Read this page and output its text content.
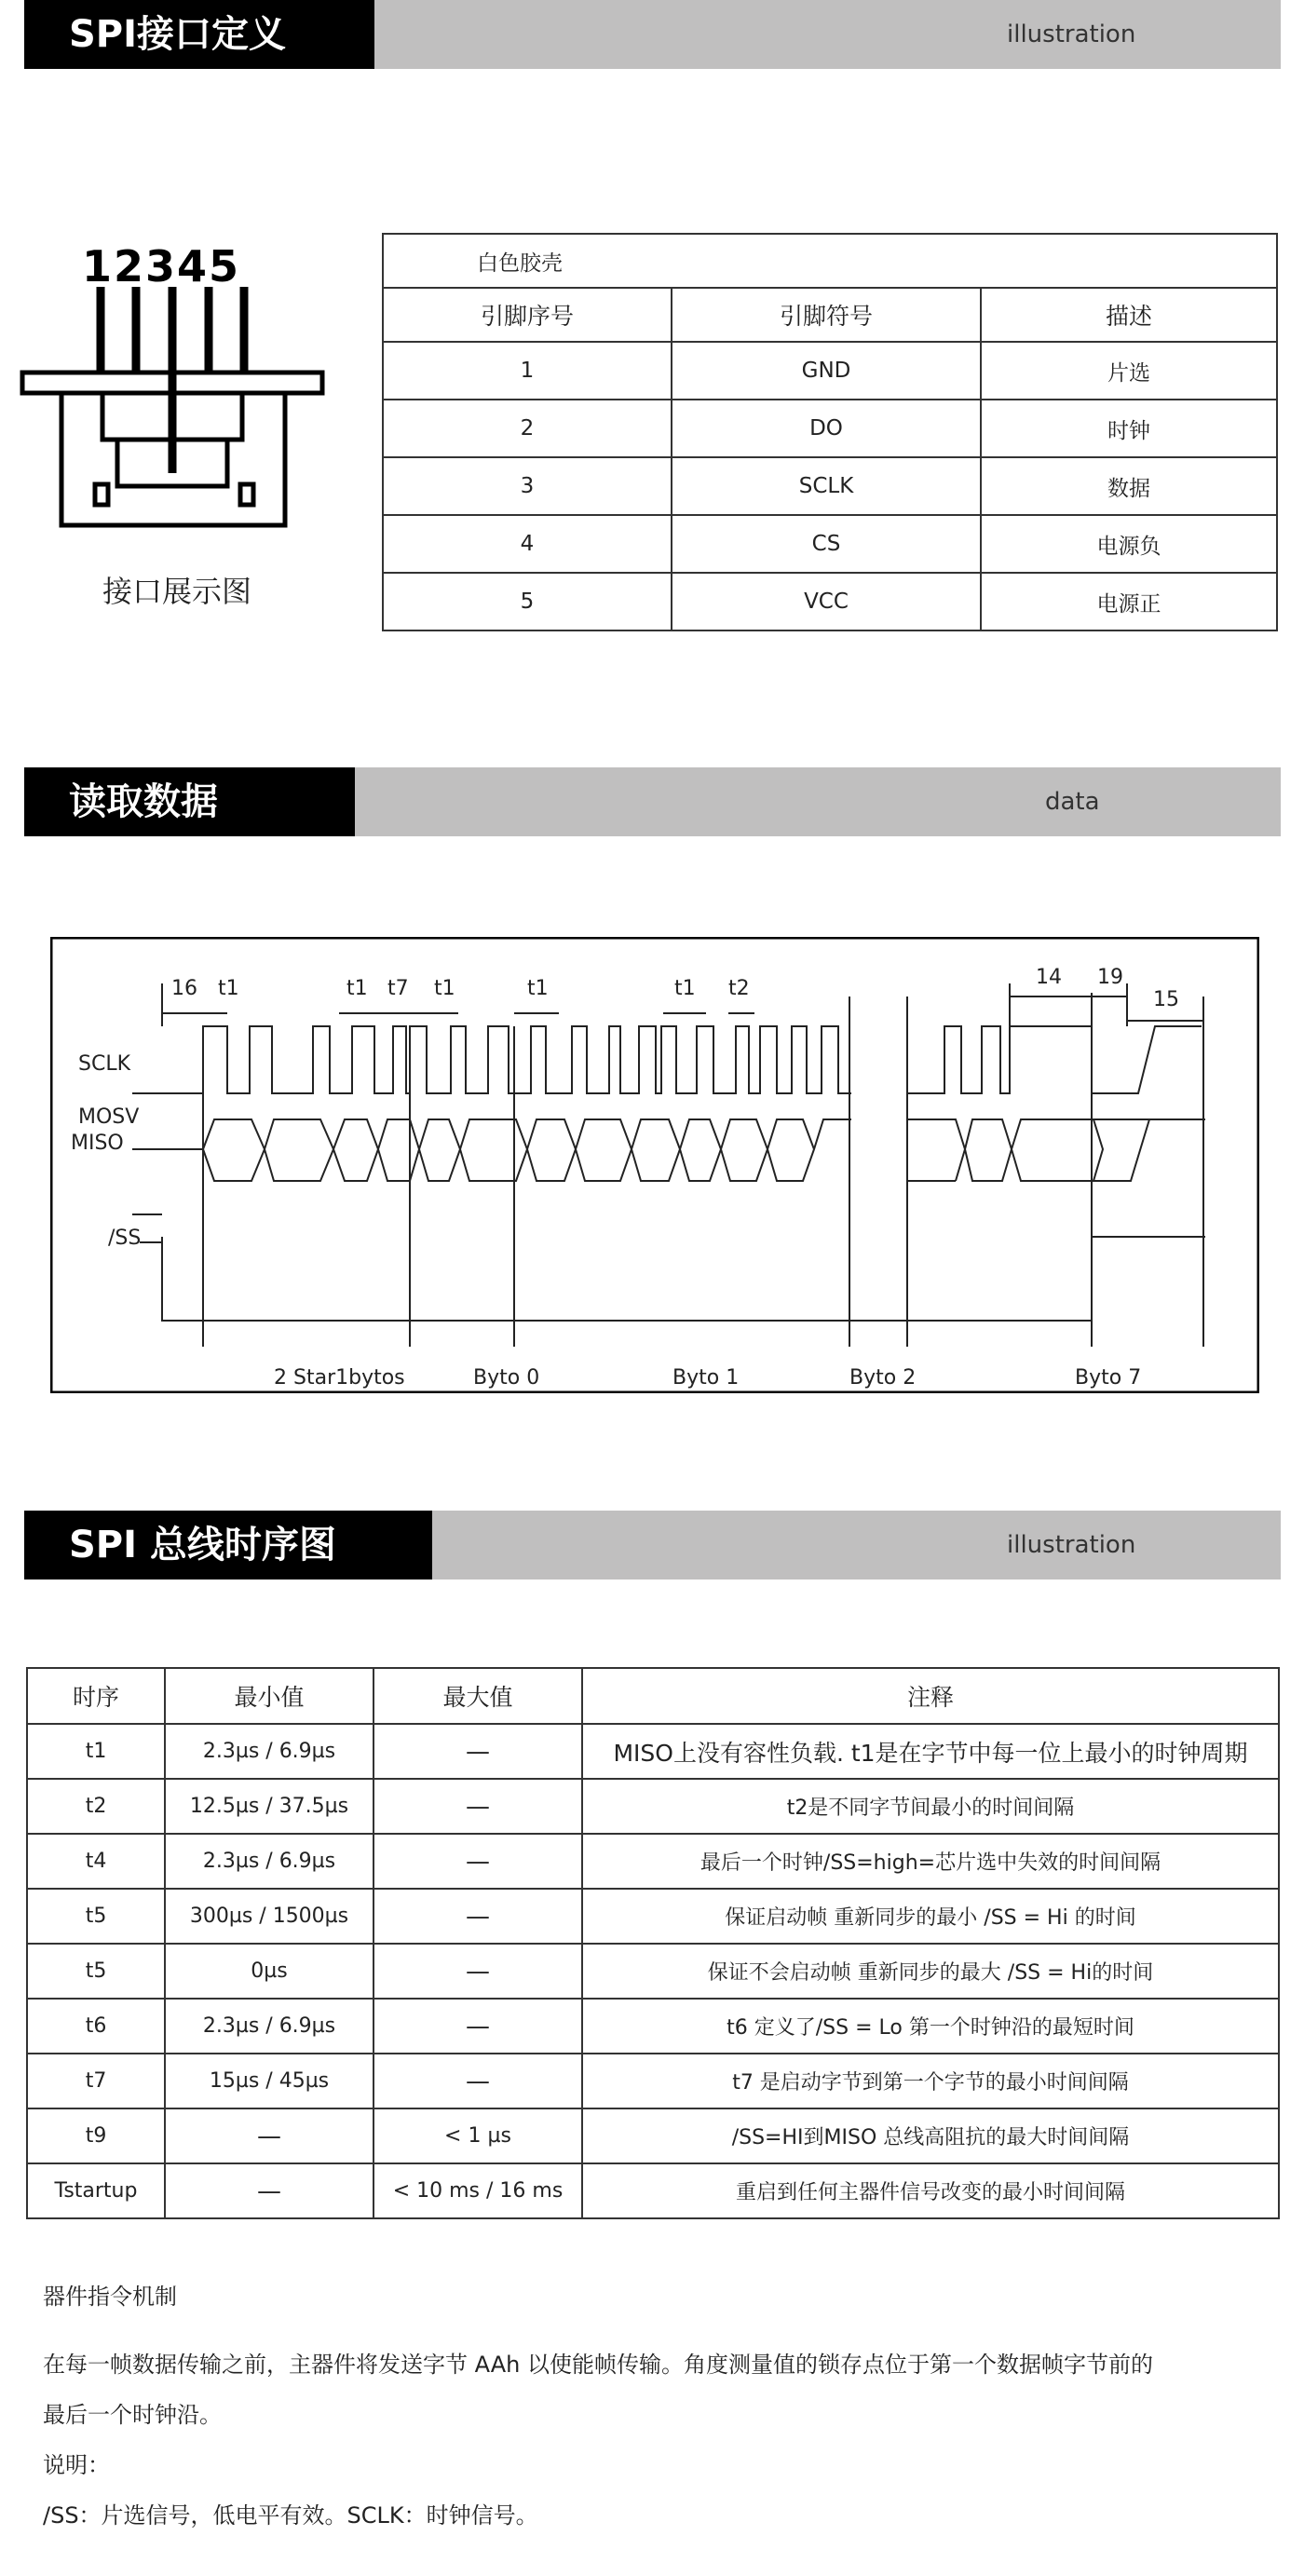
SPI接口定义	illustration
12345
接口展示图
白色胶壳		
引脚序号	引脚符号	描述
1	GND	片选
2	DO	时钟
3	SCLK	数据
4	CS	电源负
5	VCC	电源正
读取数据	data
SCLK
MOSV
MISO
/SS
16 t1	t1 t7 t1	t1	t1 t2	14 19
15
2 Star1bytos	Byto 0	Byto 1	Byto 2	Byto 7
SPI 总线时序图	illustration
时序	最小值	最大值	注释
t1	2.3µs / 6.9µs	—	MISO上没有容性负载. t1是在字节中每一位上最小的时钟周期
t2	12.5µs / 37.5µs	—	t2是不同字节间最小的时间间隔
t4	2.3µs / 6.9µs	—	最后一个时钟/SS=high=芯片选中失效的时间间隔
t5	300µs / 1500µs	—	保证启动帧 重新同步的最小 /SS = Hi 的时间
t5	0µs	—	保证不会启动帧 重新同步的最大 /SS = Hi的时间
t6	2.3µs / 6.9µs	—	t6 定义了/SS = Lo 第一个时钟沿的最短时间
t7	15µs / 45µs	—	t7 是启动字节到第一个字节的最小时间间隔
t9	—	< 1 µs	/SS=HI到MISO 总线高阻抗的最大时间间隔
Tstartup	—	< 10 ms / 16 ms	重启到任何主器件信号改变的最小时间间隔

器件指令机制

在每一帧数据传输之前，主器件将发送字节 AAh 以使能帧传输。角度测量值的锁存点位于第一个数据帧字节前的

最后一个时钟沿。

说明：

/SS：片选信号，低电平有效。SCLK：时钟信号。
